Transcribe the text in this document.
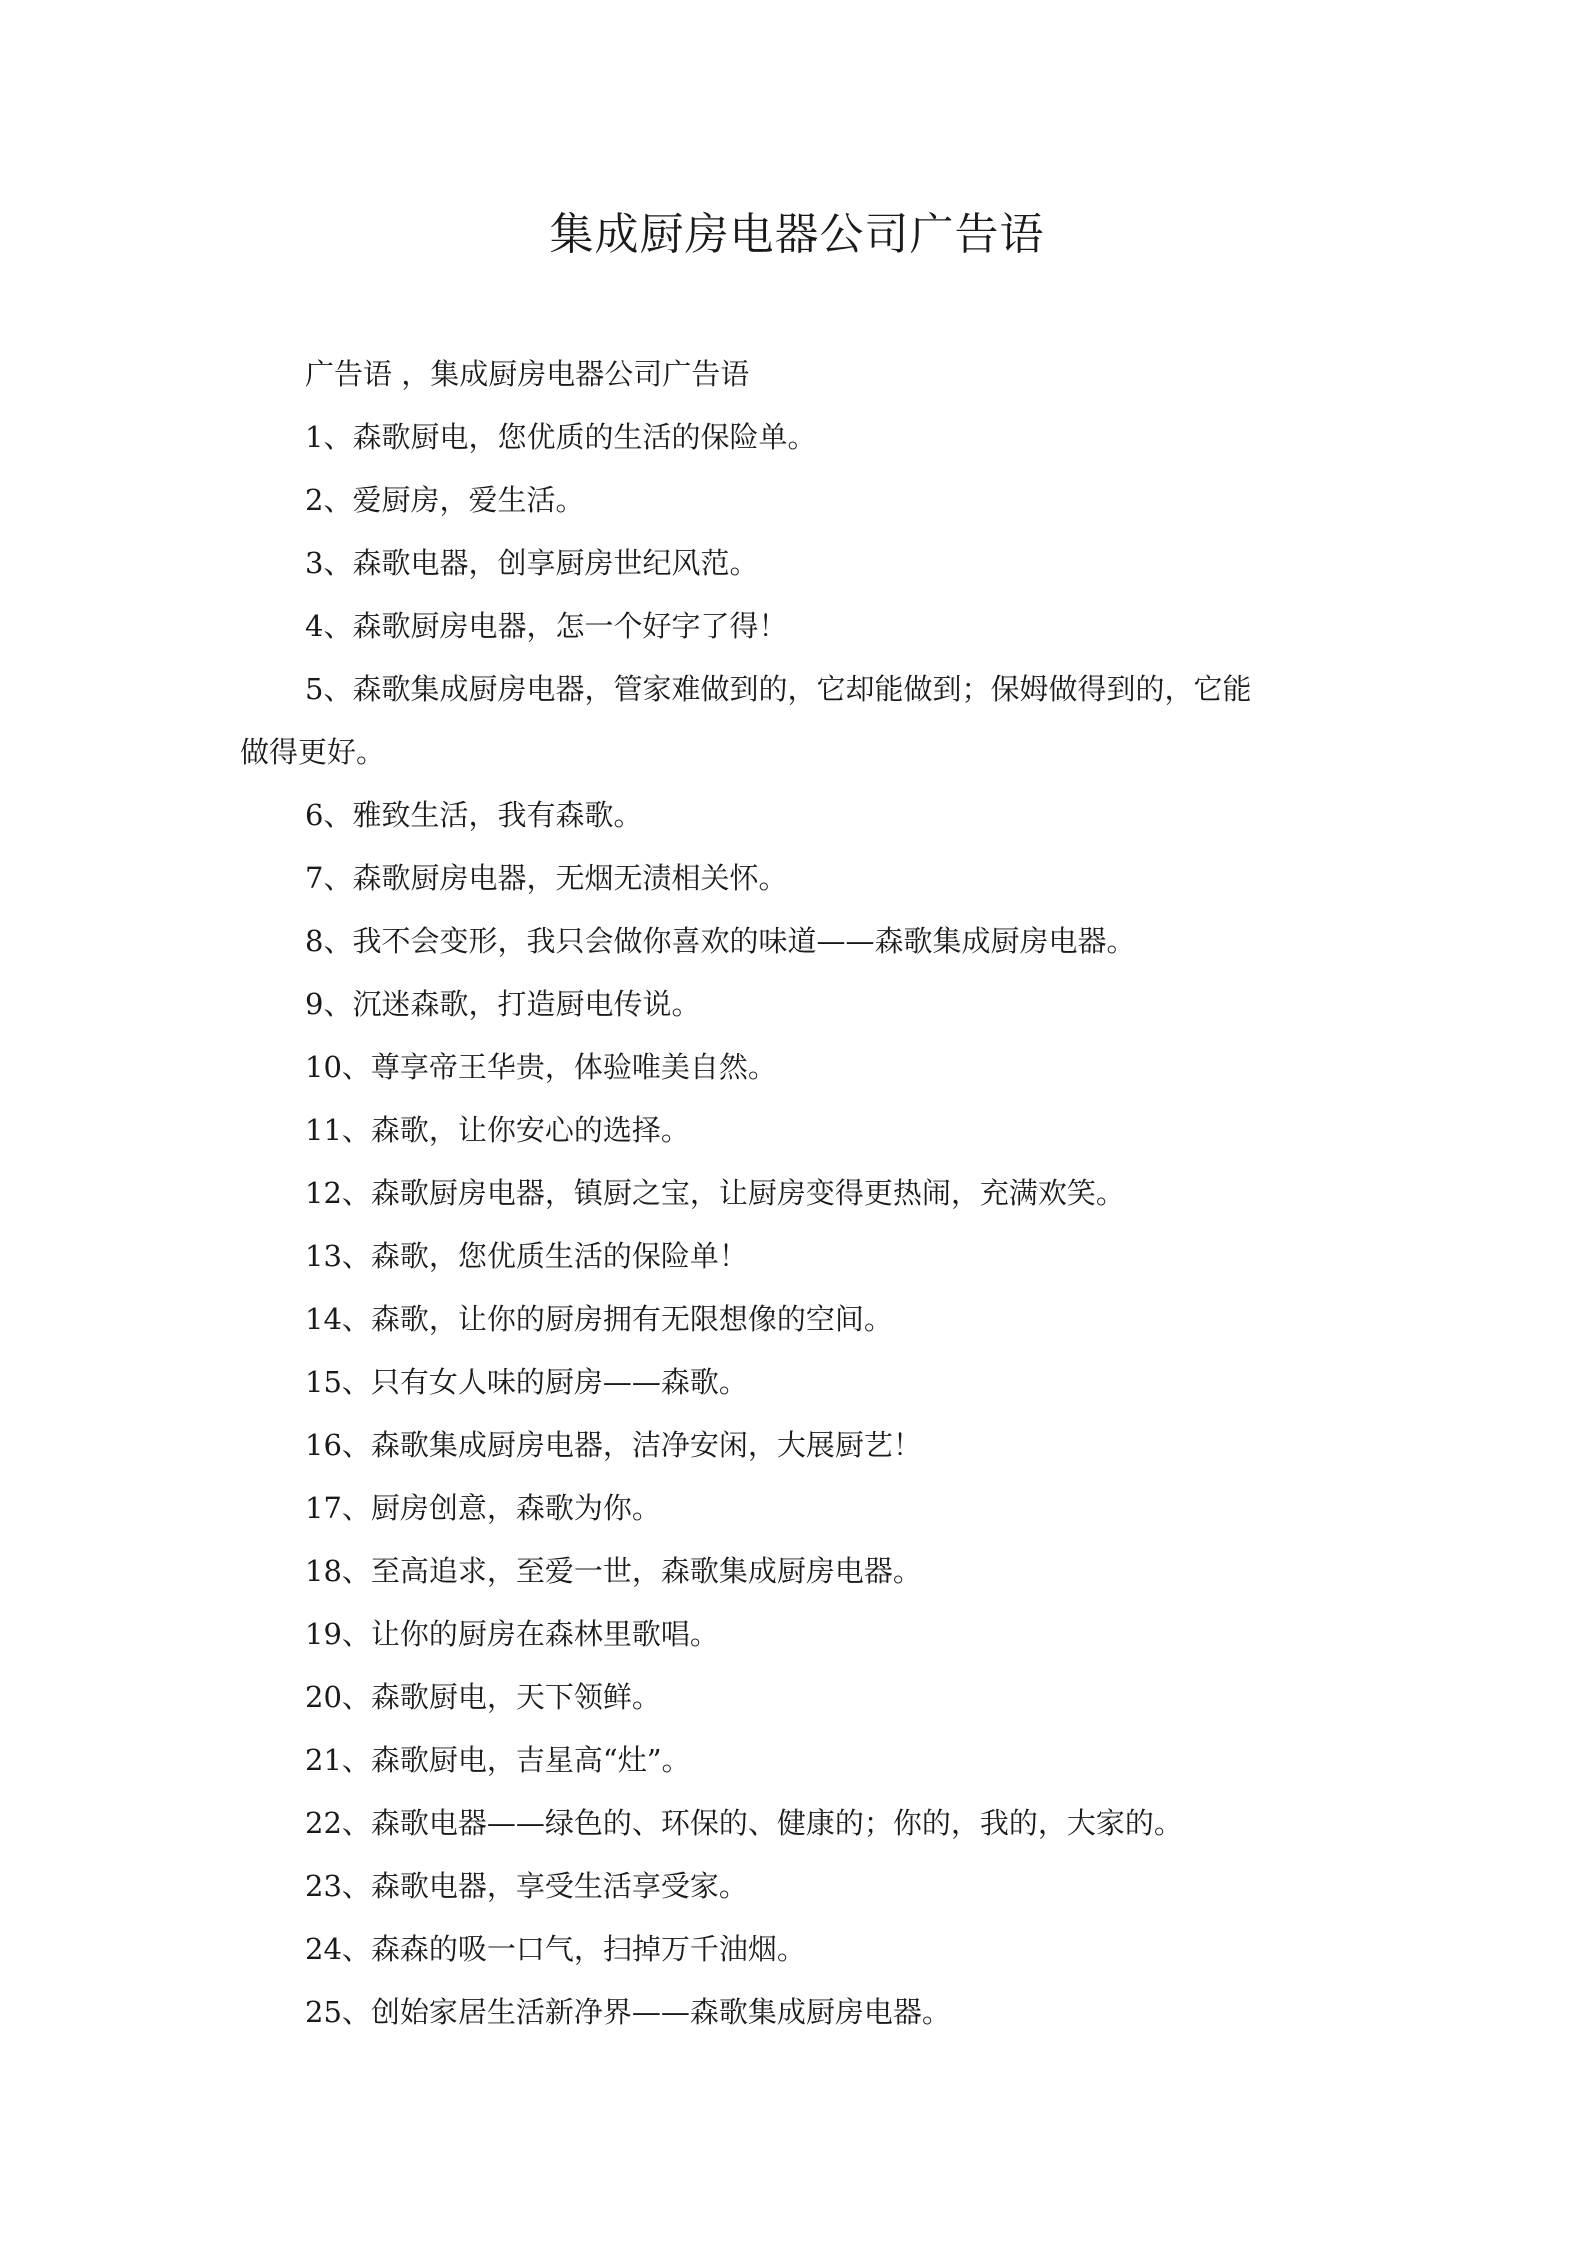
集成厨房电器公司广告语
广告语 ，集成厨房电器公司广告语
1、森歌厨电，您优质的生活的保险单。
2、爱厨房，爱生活。
3、森歌电器，创享厨房世纪风范。
4、森歌厨房电器，怎一个好字了得！
5、森歌集成厨房电器，管家难做到的，它却能做到；保姆做得到的，它能
做得更好。
6、雅致生活，我有森歌。
7、森歌厨房电器，无烟无渍相关怀。
8、我不会变形，我只会做你喜欢的味道——森歌集成厨房电器。
9、沉迷森歌，打造厨电传说。
10、尊享帝王华贵，体验唯美自然。
11、森歌，让你安心的选择。
12、森歌厨房电器，镇厨之宝，让厨房变得更热闹，充满欢笑。
13、森歌，您优质生活的保险单！
14、森歌，让你的厨房拥有无限想像的空间。
15、只有女人味的厨房——森歌。
16、森歌集成厨房电器，洁净安闲，大展厨艺！
17、厨房创意，森歌为你。
18、至高追求，至爱一世，森歌集成厨房电器。
19、让你的厨房在森林里歌唱。
20、森歌厨电，天下领鲜。
21、森歌厨电，吉星高“灶”。
22、森歌电器——绿色的、环保的、健康的；你的，我的，大家的。
23、森歌电器，享受生活享受家。
24、森森的吸一口气，扫掉万千油烟。
25、创始家居生活新净界——森歌集成厨房电器。
